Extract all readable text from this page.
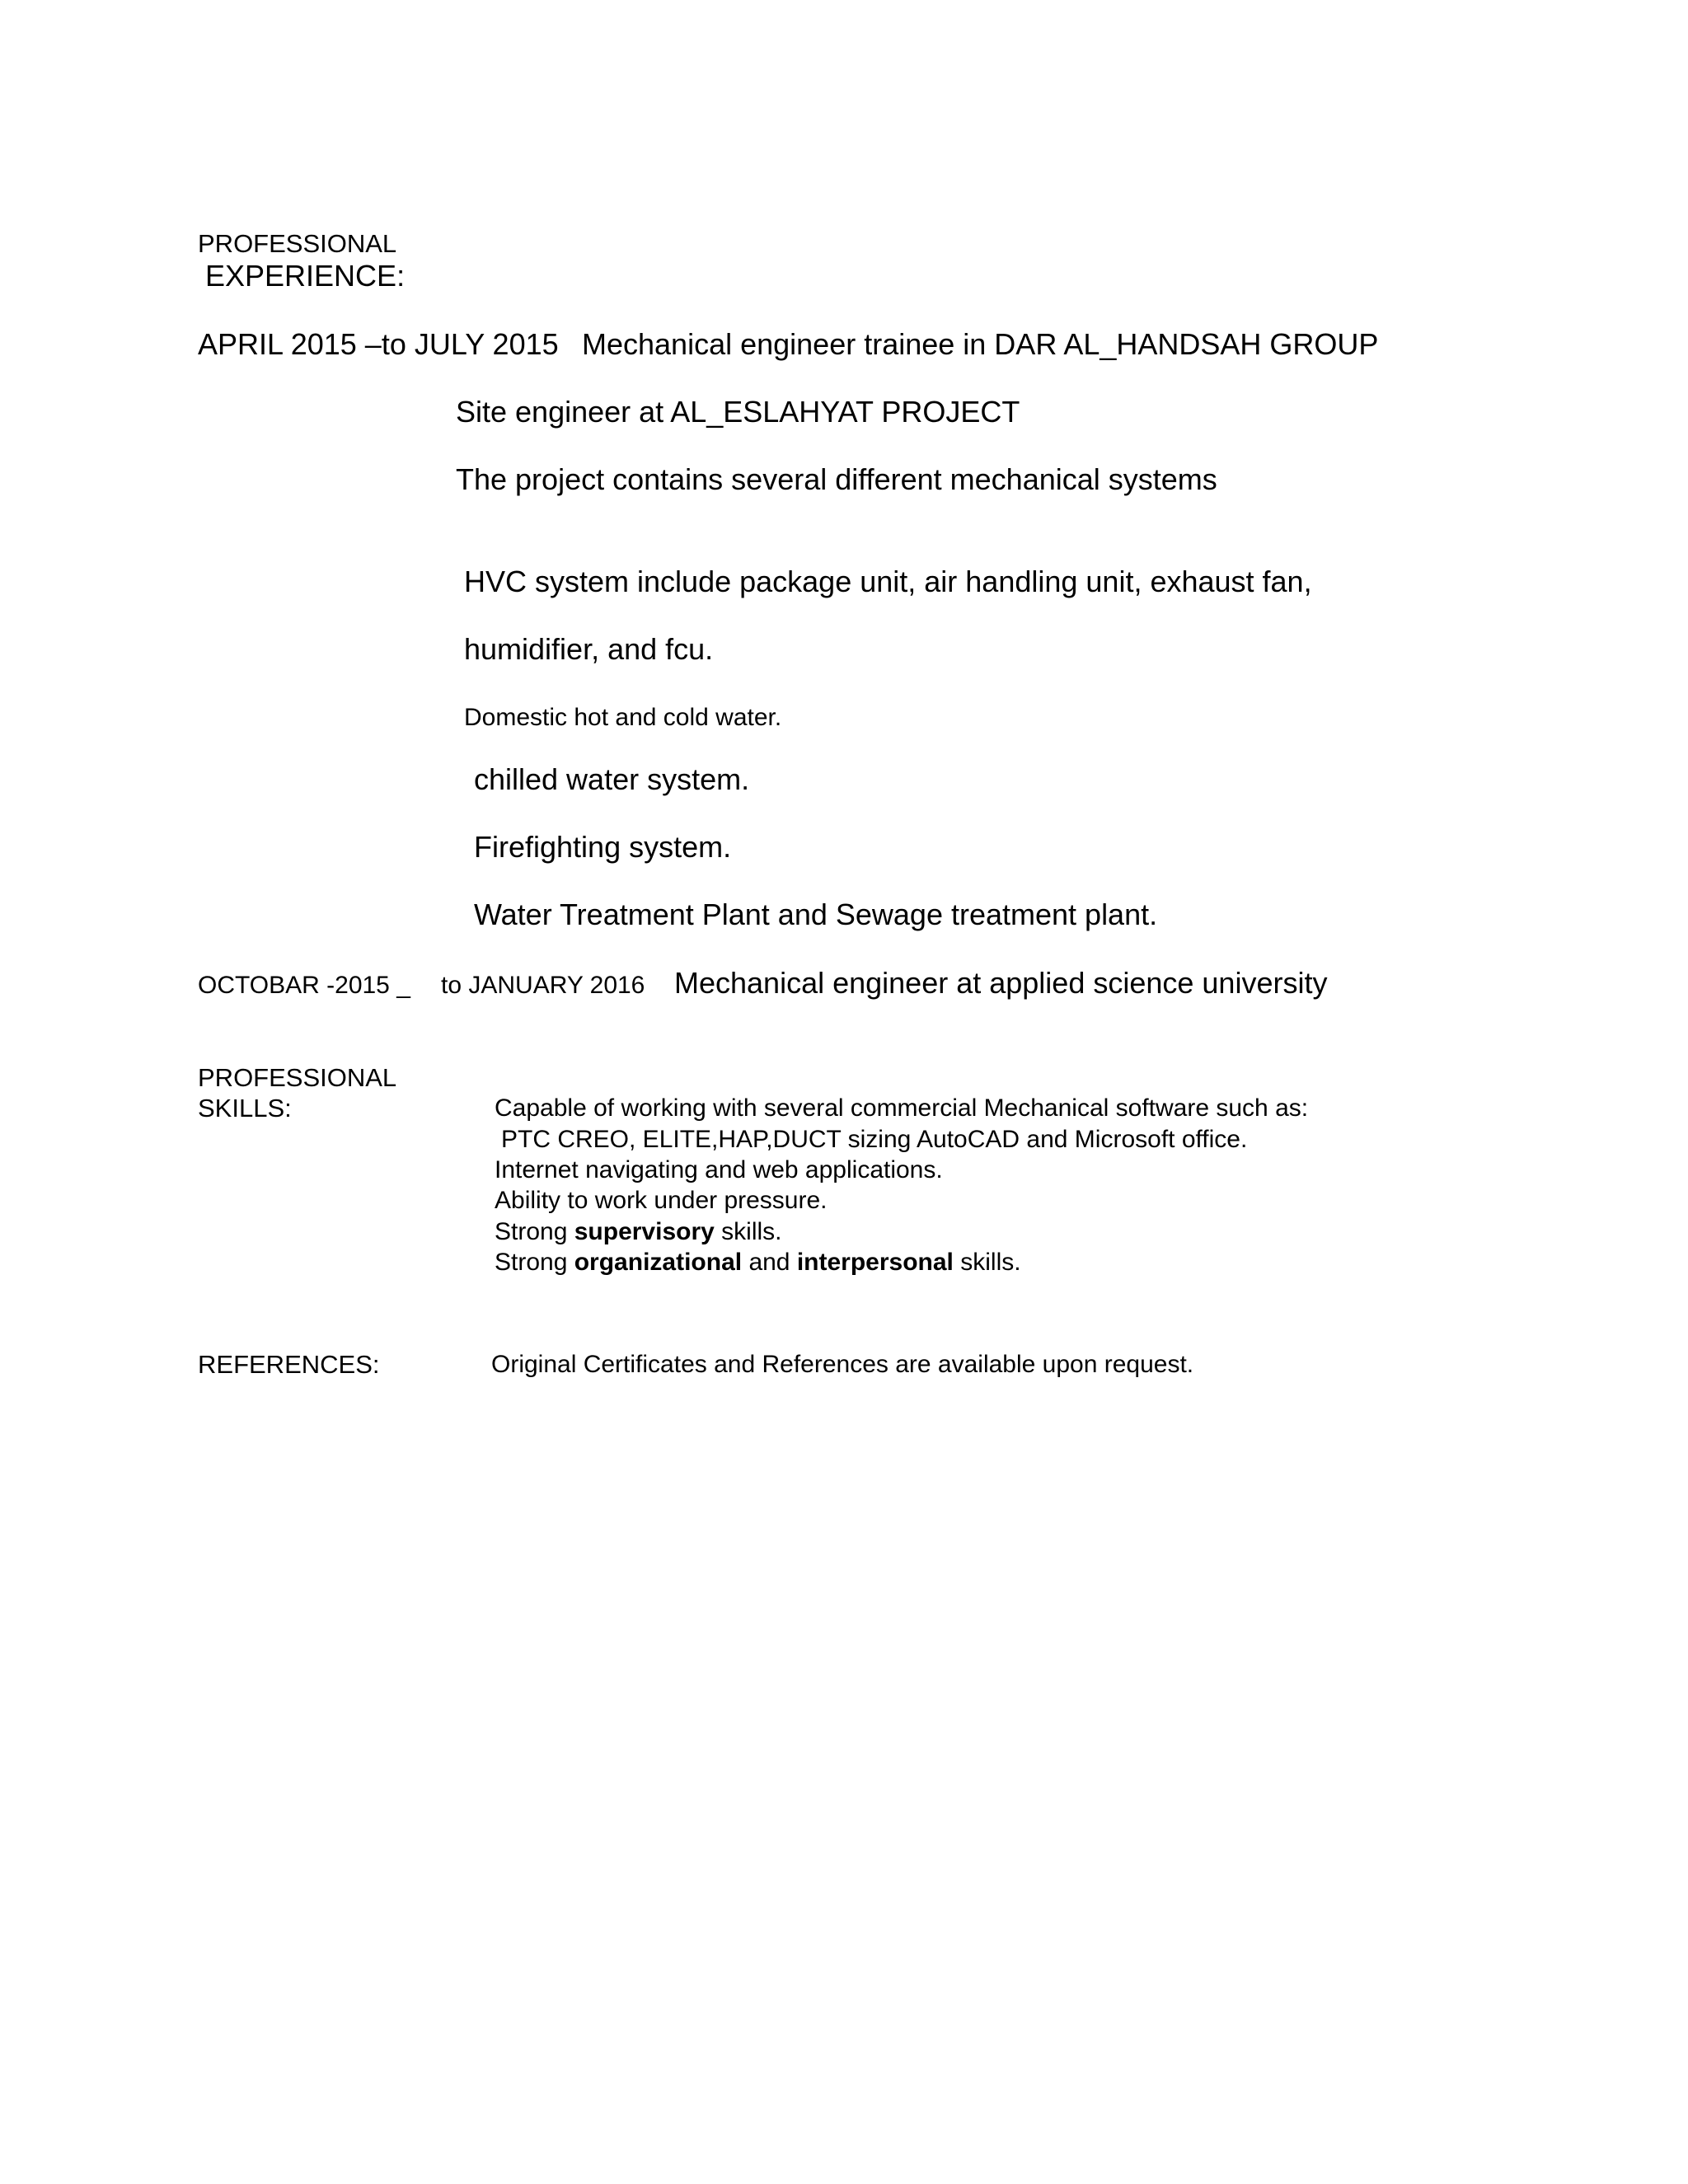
PROFESSIONAL
EXPERIENCE:
APRIL 2015 –to JULY 2015 Mechanical engineer trainee in DAR AL_HANDSAH GROUP
Site engineer at AL_ESLAHYAT PROJECT
The project contains several different mechanical systems
HVC system include package unit, air handling unit, exhaust fan,
humidifier, and fcu.
Domestic hot and cold water.
chilled water system.
Firefighting system.
Water Treatment Plant and Sewage treatment plant.
OCTOBAR -2015 _ to JANUARY 2016 Mechanical engineer at applied science university
PROFESSIONAL
SKILLS:	Capable of working with several commercial Mechanical software such as:
PTC CREO, ELITE,HAP,DUCT sizing AutoCAD and Microsoft office.
Internet navigating and web applications.
Ability to work under pressure.
Strong supervisory skills.
Strong organizational and interpersonal skills.
REFERENCES:	Original Certificates and References are available upon request.
